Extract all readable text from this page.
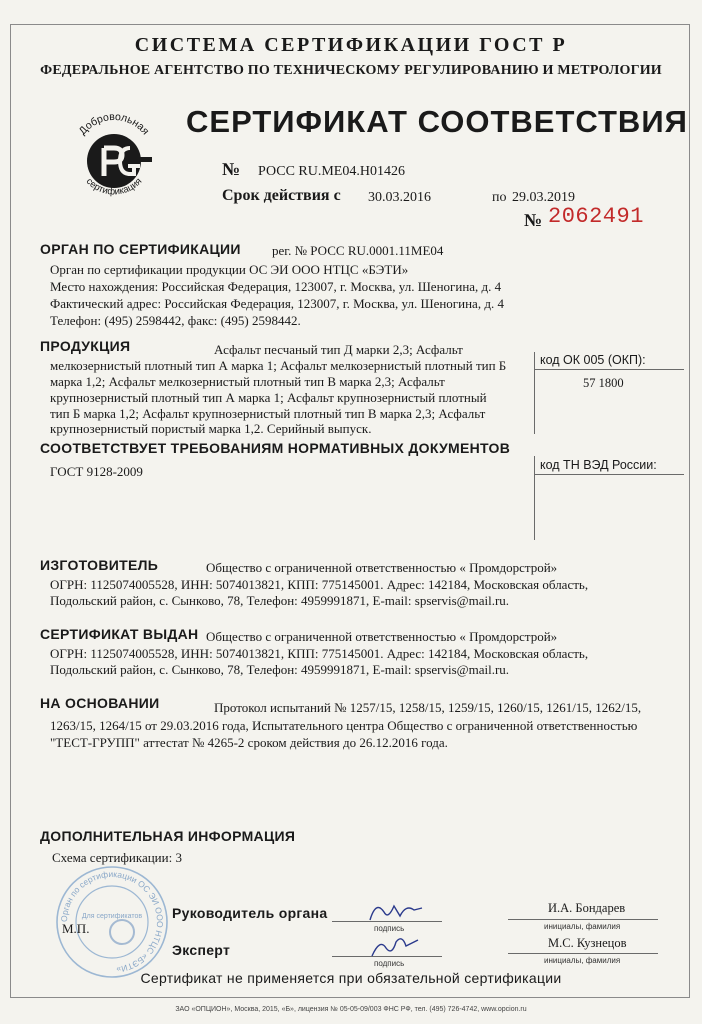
СИСТЕМА СЕРТИФИКАЦИИ ГОСТ Р
ФЕДЕРАЛЬНОЕ АГЕНТСТВО ПО ТЕХНИЧЕСКОМУ РЕГУЛИРОВАНИЮ И МЕТРОЛОГИИ
Добровольная
сертификация
СЕРТИФИКАТ СООТВЕТСТВИЯ
№ РОСС RU.МЕ04.Н01426
Срок действия с 30.03.2016	по 29.03.2019
№ 2062491
ОРГАН ПО СЕРТИФИКАЦИИ рег. № РОСС RU.0001.11МЕ04
Орган по сертификации продукции ОС ЭИ ООО НТЦС «БЭТИ»
Место нахождения: Российская Федерация, 123007, г. Москва, ул. Шеногина, д. 4
Фактический адрес: Российская Федерация, 123007, г. Москва, ул. Шеногина, д. 4
Телефон: (495) 2598442, факс: (495) 2598442.
ПРОДУКЦИЯ	Асфальт песчаный тип Д марки 2,3; Асфальт
мелкозернистый плотный тип А марка 1; Асфальт мелкозернистый плотный тип Б
марка 1,2; Асфальт мелкозернистый плотный тип В марка 2,3; Асфальт
крупнозернистый плотный тип А марка 1; Асфальт крупнозернистый плотный
тип Б марка 1,2; Асфальт крупнозернистый плотный тип В марка 2,3; Асфальт
крупнозернистый пористый марка 1,2. Серийный выпуск.
код ОК 005 (ОКП):
57 1800
СООТВЕТСТВУЕТ ТРЕБОВАНИЯМ НОРМАТИВНЫХ ДОКУМЕНТОВ
ГОСТ 9128-2009	код ТН ВЭД России:
ИЗГОТОВИТЕЛЬ	Общество с ограниченной ответственностью « Промдорстрой»
ОГРН: 1125074005528, ИНН: 5074013821, КПП: 775145001. Адрес: 142184, Московская область,
Подольский район, с. Сынково, 78, Телефон: 4959991871, E-mail: spservis@mail.ru.
СЕРТИФИКАТ ВЫДАН Общество с ограниченной ответственностью « Промдорстрой»
ОГРН: 1125074005528, ИНН: 5074013821, КПП: 775145001. Адрес: 142184, Московская область,
Подольский район, с. Сынково, 78, Телефон: 4959991871, E-mail: spservis@mail.ru.
НА ОСНОВАНИИ	Протокол испытаний № 1257/15, 1258/15, 1259/15, 1260/15, 1261/15, 1262/15,
1263/15, 1264/15 от 29.03.2016 года, Испытательного центра Общество с ограниченной ответственностью
"ТЕСТ-ГРУПП" аттестат № 4265-2 сроком действия до 26.12.2016 года.
ДОПОЛНИТЕЛЬНАЯ ИНФОРМАЦИЯ
Схема сертификации: 3
Орган по сертификации ОС ЭИ ООО НТЦС «БЭТИ»
Для сертификатов
М.П.
Руководитель органа
подпись
И.А. Бондарев
инициалы, фамилия
Эксперт
подпись
М.С. Кузнецов
инициалы, фамилия
Сертификат не применяется при обязательной сертификации
ЗАО «ОПЦИОН», Москва, 2015, «Б», лицензия № 05-05-09/003 ФНС РФ, тел. (495) 726-4742, www.opcion.ru
